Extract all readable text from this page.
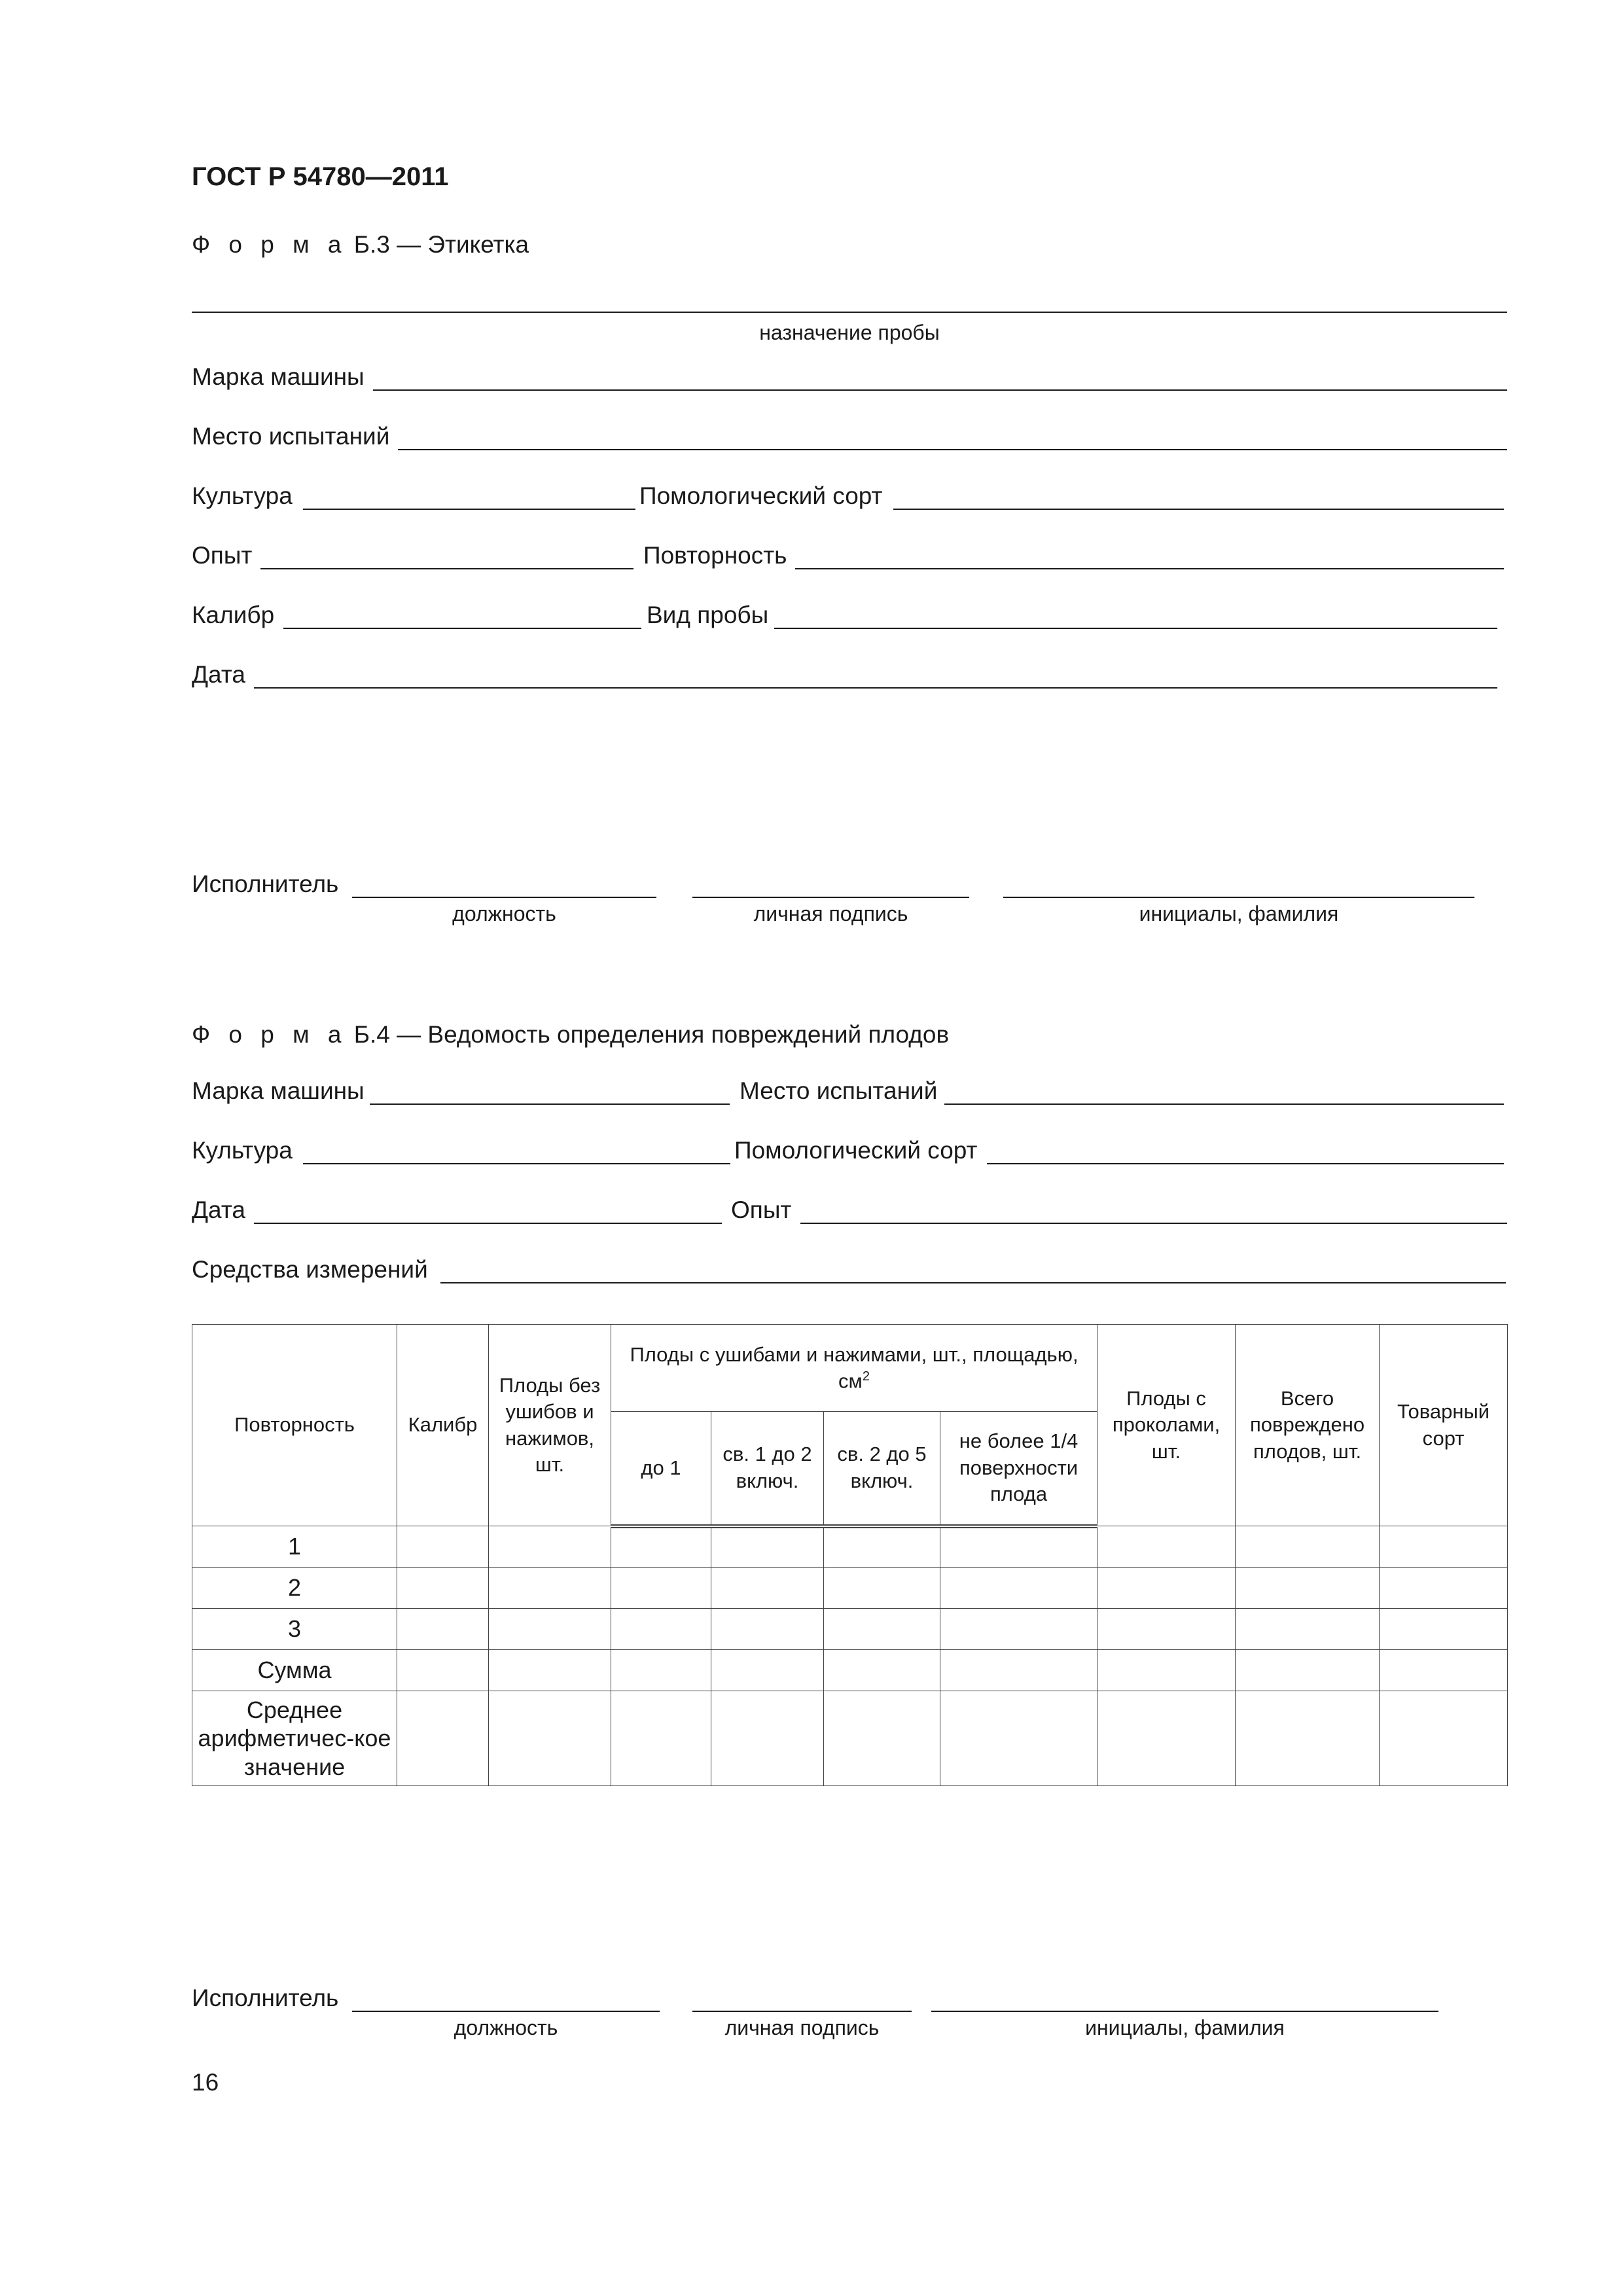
ГОСТ Р 54780—2011
Ф о р м а Б.3 — Этикетка
назначение пробы
Марка машины
Место испытаний
Культура	Помологический сорт
Опыт	Повторность
Калибр	Вид пробы
Дата
Исполнитель
должность	личная подпись	инициалы, фамилия
Ф о р м а Б.4 — Ведомость определения повреждений плодов
Марка машины	Место испытаний
Культура	Помологический сорт
Дата	Опыт
Средства измерений
Повторность	Калибр	Плоды без ушибов и нажимов, шт.	Плоды с ушибами и нажимами, шт., площадью, $см^2$				Плоды с проколами, шт.	Всего повреждено плодов, шт.	Товарный сорт
			до 1	св. 1 до 2 включ.	св. 2 до 5 включ.	не более 1/4 поверхности плода			
1									
2									
3									
Сумма									
Среднее арифметичес-кое значение									
Исполнитель
должность	личная подпись	инициалы, фамилия
16
